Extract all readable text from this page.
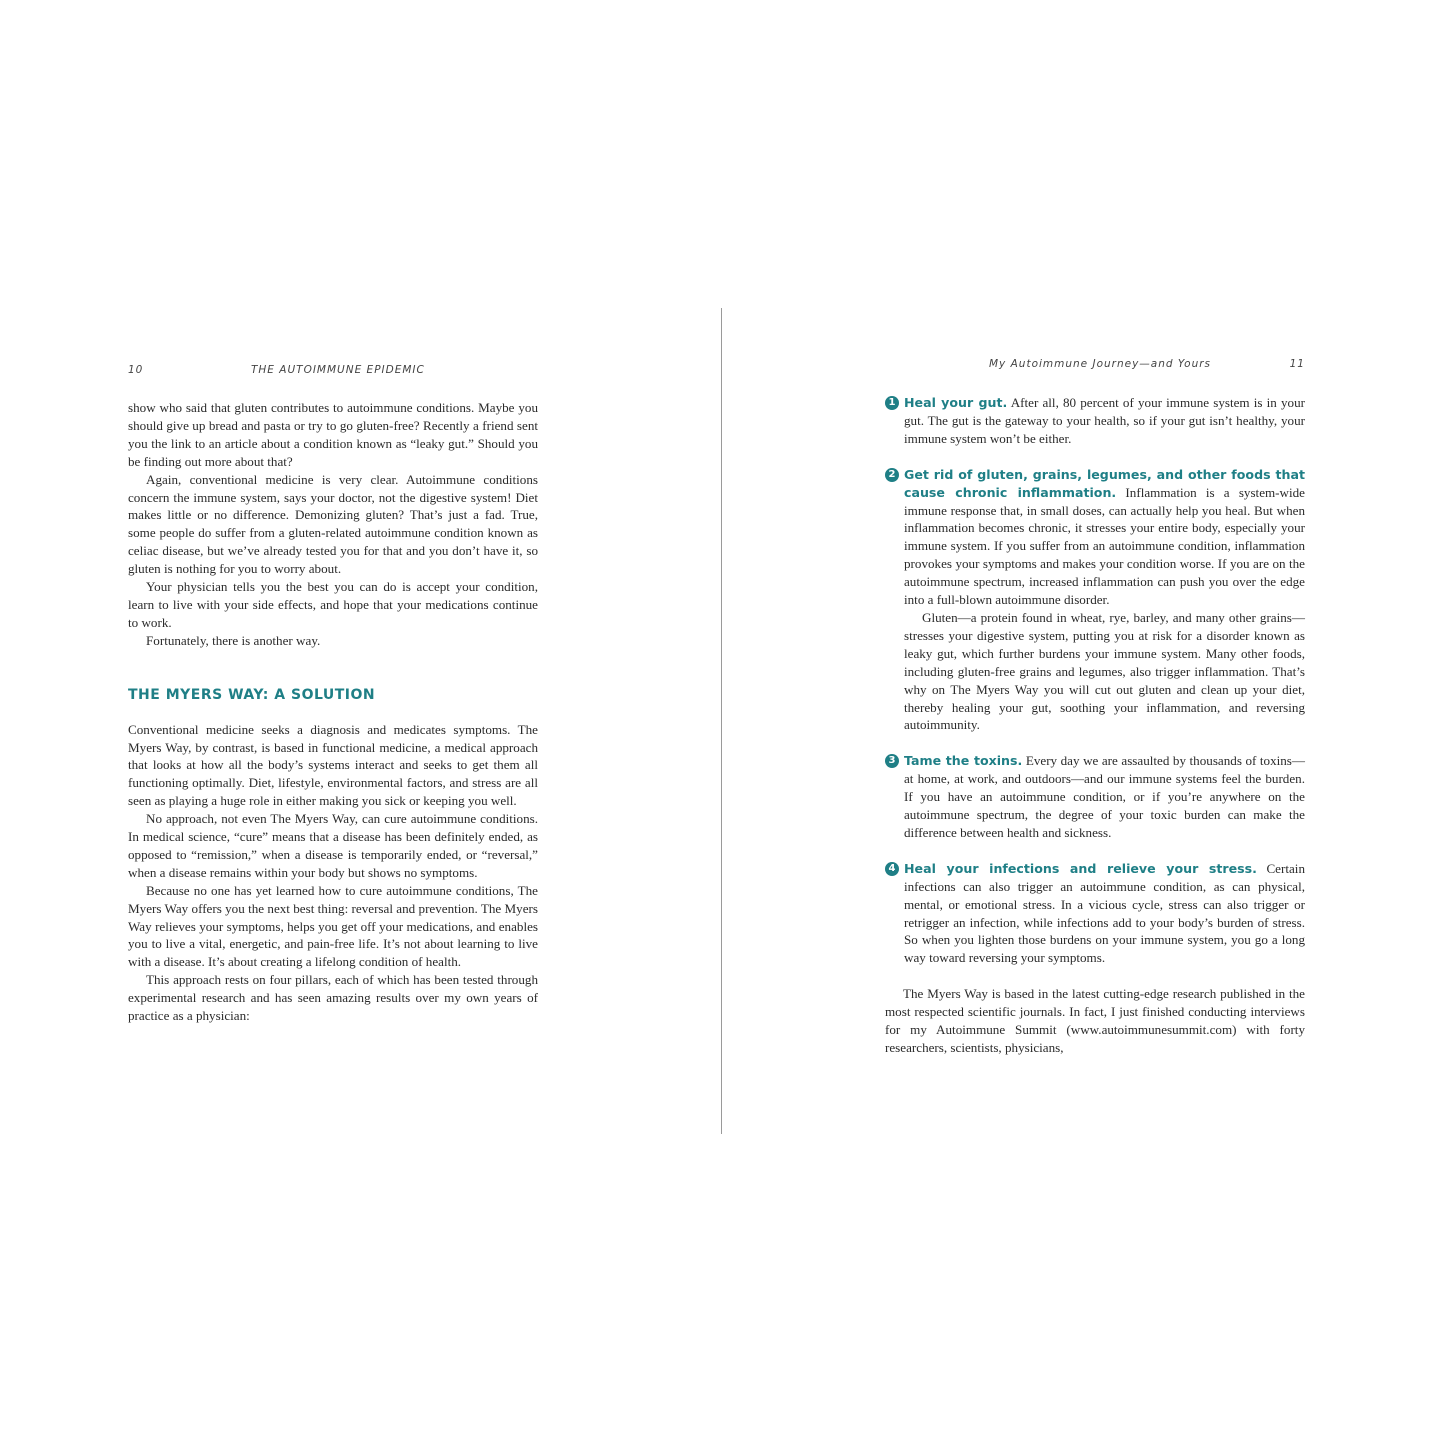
10	THE AUTOIMMUNE EPIDEMIC

show who said that gluten contributes to autoimmune conditions. Maybe you should give up bread and pasta or try to go gluten-free? Recently a friend sent you the link to an article about a condition known as “leaky gut.” Should you be finding out more about that?

Again, conventional medicine is very clear. Autoimmune conditions concern the immune system, says your doctor, not the digestive system! Diet makes little or no difference. Demonizing gluten? That’s just a fad. True, some people do suffer from a gluten-related autoimmune condition known as celiac disease, but we’ve already tested you for that and you don’t have it, so gluten is nothing for you to worry about.

Your physician tells you the best you can do is accept your condition, learn to live with your side effects, and hope that your medications continue to work.

Fortunately, there is another way.

THE MYERS WAY: A SOLUTION

Conventional medicine seeks a diagnosis and medicates symptoms. The Myers Way, by contrast, is based in functional medicine, a medical approach that looks at how all the body’s systems interact and seeks to get them all functioning optimally. Diet, lifestyle, environmental factors, and stress are all seen as playing a huge role in either making you sick or keeping you well.

No approach, not even The Myers Way, can cure autoimmune conditions. In medical science, “cure” means that a disease has been definitely ended, as opposed to “remission,” when a disease is temporarily ended, or “reversal,” when a disease remains within your body but shows no symptoms.

Because no one has yet learned how to cure autoimmune conditions, The Myers Way offers you the next best thing: reversal and prevention. The Myers Way relieves your symptoms, helps you get off your medications, and enables you to live a vital, energetic, and pain-free life. It’s not about learning to live with a disease. It’s about creating a lifelong condition of health.

This approach rests on four pillars, each of which has been tested through experimental research and has seen amazing results over my own years of practice as a physician:

My Autoimmune Journey—and Yours	11
1 Heal your gut. After all, 80 percent of your immune system is in your gut. The gut is the gateway to your health, so if your gut isn’t healthy, your immune system won’t be either.

2 Get rid of gluten, grains, legumes, and other foods that cause chronic inflammation. Inflammation is a system-wide immune response that, in small doses, can actually help you heal. But when inflammation becomes chronic, it stresses your entire body, especially your immune system. If you suffer from an autoimmune condition, inflammation provokes your symptoms and makes your condition worse. If you are on the autoimmune spectrum, increased inflammation can push you over the edge into a full-blown autoimmune disorder.

Gluten—a protein found in wheat, rye, barley, and many other grains—stresses your digestive system, putting you at risk for a disorder known as leaky gut, which further burdens your immune system. Many other foods, including gluten-free grains and legumes, also trigger inflammation. That’s why on The Myers Way you will cut out gluten and clean up your diet, thereby healing your gut, soothing your inflammation, and reversing autoimmunity.

3 Tame the toxins. Every day we are assaulted by thousands of toxins—at home, at work, and outdoors—and our immune systems feel the burden. If you have an autoimmune condition, or if you’re anywhere on the autoimmune spectrum, the degree of your toxic burden can make the difference between health and sickness.

4 Heal your infections and relieve your stress. Certain infections can also trigger an autoimmune condition, as can physical, mental, or emotional stress. In a vicious cycle, stress can also trigger or retrigger an infection, while infections add to your body’s burden of stress. So when you lighten those burdens on your immune system, you go a long way toward reversing your symptoms.

The Myers Way is based in the latest cutting-edge research published in the most respected scientific journals. In fact, I just finished conducting interviews for my Autoimmune Summit (www.autoimmunesummit.com) with forty researchers, scientists, physicians,
